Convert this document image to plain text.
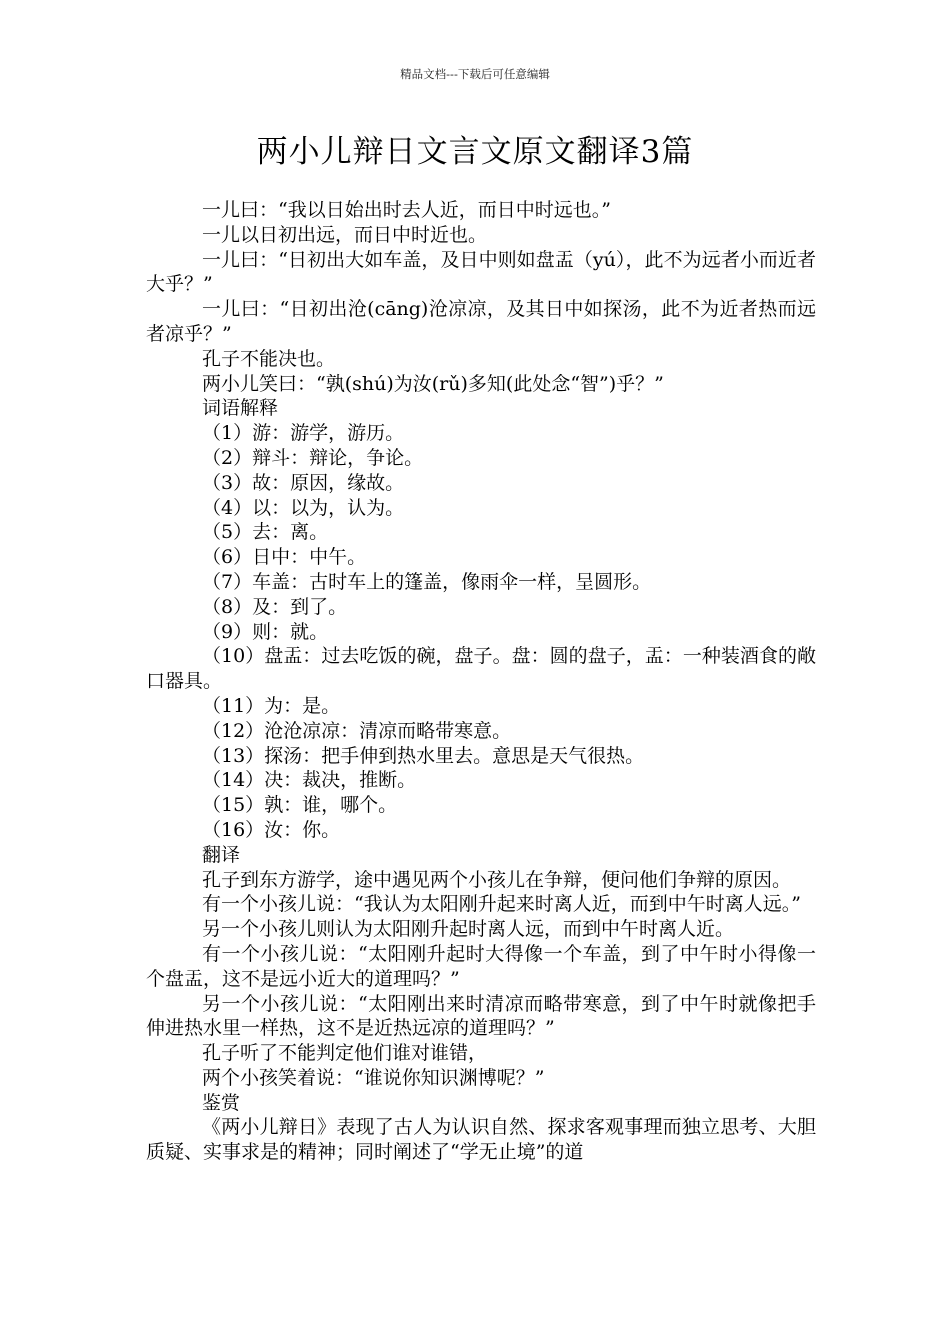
精品文档---下载后可任意编辑
两小儿辩日文言文原文翻译3篇

一儿曰：“我以日始出时去人近，而日中时远也。”

一儿以日初出远，而日中时近也。

一儿曰：“日初出大如车盖，及日中则如盘盂（yú），此不为远者小而近者大乎？”

一儿曰：“日初出沧(cāng)沧凉凉，及其日中如探汤，此不为近者热而远者凉乎？”

孔子不能决也。

两小儿笑曰：“孰(shú)为汝(rǔ)多知(此处念“智”)乎？”

词语解释

（1）游：游学，游历。

（2）辩斗：辩论，争论。

（3）故：原因，缘故。

（4）以：以为，认为。

（5）去：离。

（6）日中：中午。

（7）车盖：古时车上的篷盖，像雨伞一样，呈圆形。

（8）及：到了。

（9）则：就。

（10）盘盂：过去吃饭的碗，盘子。盘：圆的盘子，盂：一种装酒食的敞口器具。

（11）为：是。

（12）沧沧凉凉：清凉而略带寒意。

（13）探汤：把手伸到热水里去。意思是天气很热。

（14）决：裁决，推断。

（15）孰：谁，哪个。

（16）汝：你。

翻译

孔子到东方游学，途中遇见两个小孩儿在争辩，便问他们争辩的原因。

有一个小孩儿说：“我认为太阳刚升起来时离人近，而到中午时离人远。”

另一个小孩儿则认为太阳刚升起时离人远，而到中午时离人近。

有一个小孩儿说：“太阳刚升起时大得像一个车盖，到了中午时小得像一个盘盂，这不是远小近大的道理吗？”

另一个小孩儿说：“太阳刚出来时清凉而略带寒意，到了中午时就像把手伸进热水里一样热，这不是近热远凉的道理吗？”

孔子听了不能判定他们谁对谁错，

两个小孩笑着说：“谁说你知识渊博呢？”

鉴赏

《两小儿辩日》表现了古人为认识自然、探求客观事理而独立思考、大胆质疑、实事求是的精神；同时阐述了“学无止境”的道
